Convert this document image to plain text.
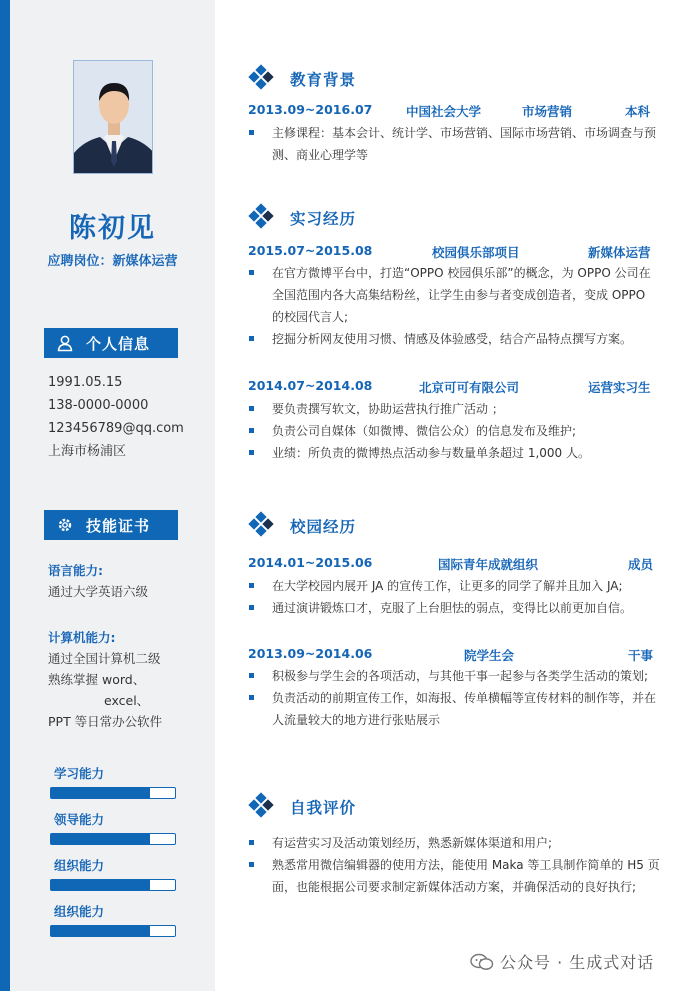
陈初见
应聘岗位：新媒体运营
个人信息
1991.05.15
138-0000-0000
123456789@qq.com
上海市杨浦区
技能证书
语言能力:
通过大学英语六级
计算机能力:
通过全国计算机二级
熟练掌握 word、
excel、
PPT 等日常办公软件
学习能力
领导能力
组织能力
组织能力
教育背景
2013.09~2016.07	中国社会大学	市场营销	本科
主修课程：基本会计、统计学、市场营销、国际市场营销、市场调查与预测、商业心理学等
实习经历
2015.07~2015.08	校园俱乐部项目	新媒体运营
在官方微博平台中，打造“OPPO 校园俱乐部”的概念，为 OPPO 公司在全国范围内各大高集结粉丝，让学生由参与者变成创造者，变成 OPPO 的校园代言人;
挖掘分析网友使用习惯、情感及体验感受，结合产品特点撰写方案。
2014.07~2014.08	北京可可有限公司	运营实习生
要负责撰写软文，协助运营执行推广活动 ；
负责公司自媒体（如微博、微信公众）的信息发布及维护;
业绩：所负责的微博热点活动参与数量单条超过 1,000 人。
校园经历
2014.01~2015.06	国际青年成就组织	成员
在大学校园内展开 JA 的宣传工作，让更多的同学了解并且加入 JA;
通过演讲锻炼口才，克服了上台胆怯的弱点，变得比以前更加自信。
2013.09~2014.06	院学生会	干事
积极参与学生会的各项活动，与其他干事一起参与各类学生活动的策划;
负责活动的前期宣传工作，如海报、传单横幅等宣传材料的制作等，并在人流量较大的地方进行张贴展示
自我评价
有运营实习及活动策划经历，熟悉新媒体渠道和用户;
熟悉常用微信编辑器的使用方法，能使用 Maka 等工具制作简单的 H5 页面，也能根据公司要求制定新媒体活动方案，并确保活动的良好执行;
公众号 · 生成式对话
